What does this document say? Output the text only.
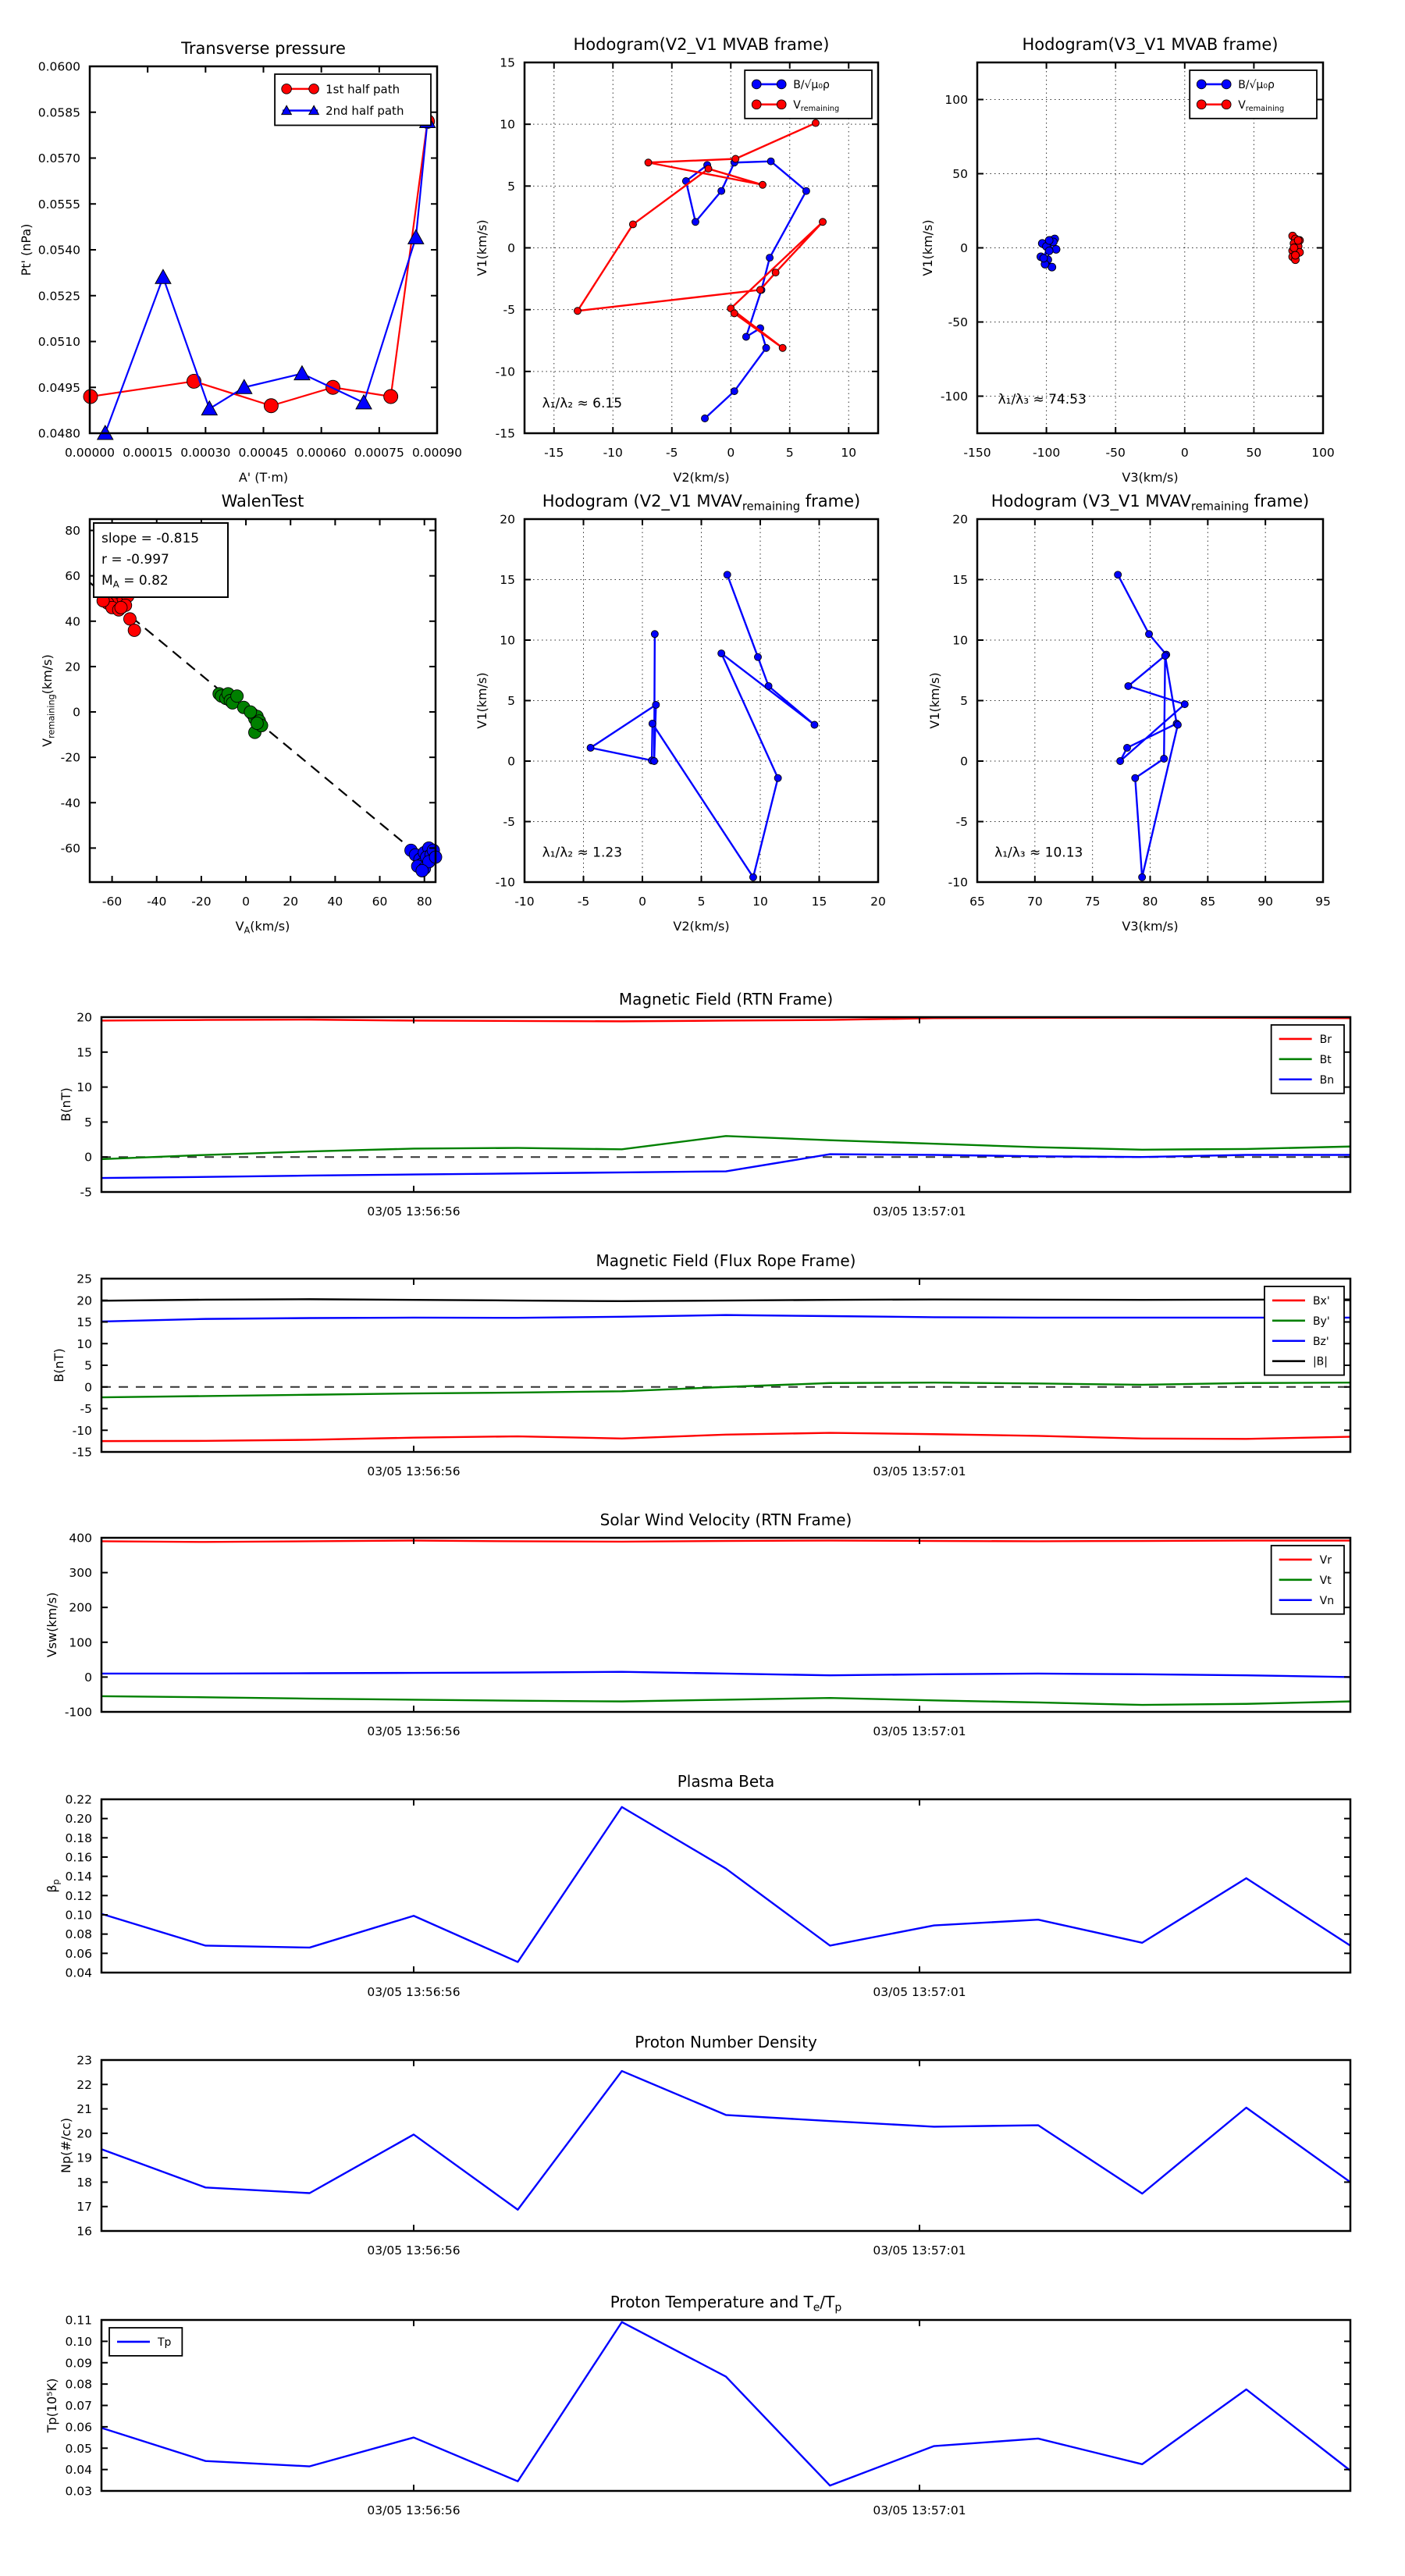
0.00000 0.00015 0.00030 0.00045 0.00060 0.00075 0.00090
0.0480
0.0495
0.0510
0.0525
0.0540
0.0555
0.0570
0.0585
0.0600
Transverse pressure
A' (T·m)
Pt' (nPa)
1st half path
2nd half path
-15	-10	-5	0	5	10
-15
-10
-5
0
5
10
15
Hodogram(V2_V1 MVAB frame)
V2(km/s)
V1(km/s)
λ₁/λ₂ ≈ 6.15
B/√μ₀ρ
$V_{remaining}$
-150	-100	-50	0	50	100
-100
-50
0
50
100
Hodogram(V3_V1 MVAB frame)
V3(km/s)
V1(km/s)
λ₁/λ₃ ≈ 74.53
B/√μ₀ρ
$V_{remaining}$
-60 -40 -20	0	20 40 60 80
-60
-40
-20
0
20
40
60
80
WalenTest
$V_A(km/s)$
$V_{remaining}(km/s)$
slope = -0.815
r = -0.997
$M_A = 0.82$
-10	-5	0	5	10	15	20
-10
-5
0
5
10
15
20
Hodogram (V2_V1 $MVAV_{remaining}$ frame)
V2(km/s)
V1(km/s)
λ₁/λ₂ ≈ 1.23
65	70	75	80	85	90	95
-10
-5
0
5
10
15
20
Hodogram (V3_V1 $MVAV_{remaining}$ frame)
V3(km/s)
V1(km/s)
λ₁/λ₃ ≈ 10.13
03/05 13:56:56	03/05 13:57:01
-5
0
5
10
15
20
Magnetic Field (RTN Frame)
B(nT)
Br
Bt
Bn
03/05 13:56:56	03/05 13:57:01
-15
-10
-5
0
5
10
15
20
25
Magnetic Field (Flux Rope Frame)
B(nT)
Bx'
By'
Bz'
|B|
03/05 13:56:56	03/05 13:57:01
-100
0
100
200
300
400
Solar Wind Velocity (RTN Frame)
Vsw(km/s)
Vr
Vt
Vn
03/05 13:56:56	03/05 13:57:01
0.04
0.06
0.08
0.10
0.12
0.14
0.16
0.18
0.20
0.22
Plasma Beta
$\beta_p$
03/05 13:56:56	03/05 13:57:01
16
17
18
19
20
21
22
23
Proton Number Density
Np(#/cc)
03/05 13:56:56	03/05 13:57:01
0.03
0.04
0.05
0.06
0.07
0.08
0.09
0.10
0.11
Proton Temperature and $T_e/T_p$
Tp(10⁵K)
Tp
